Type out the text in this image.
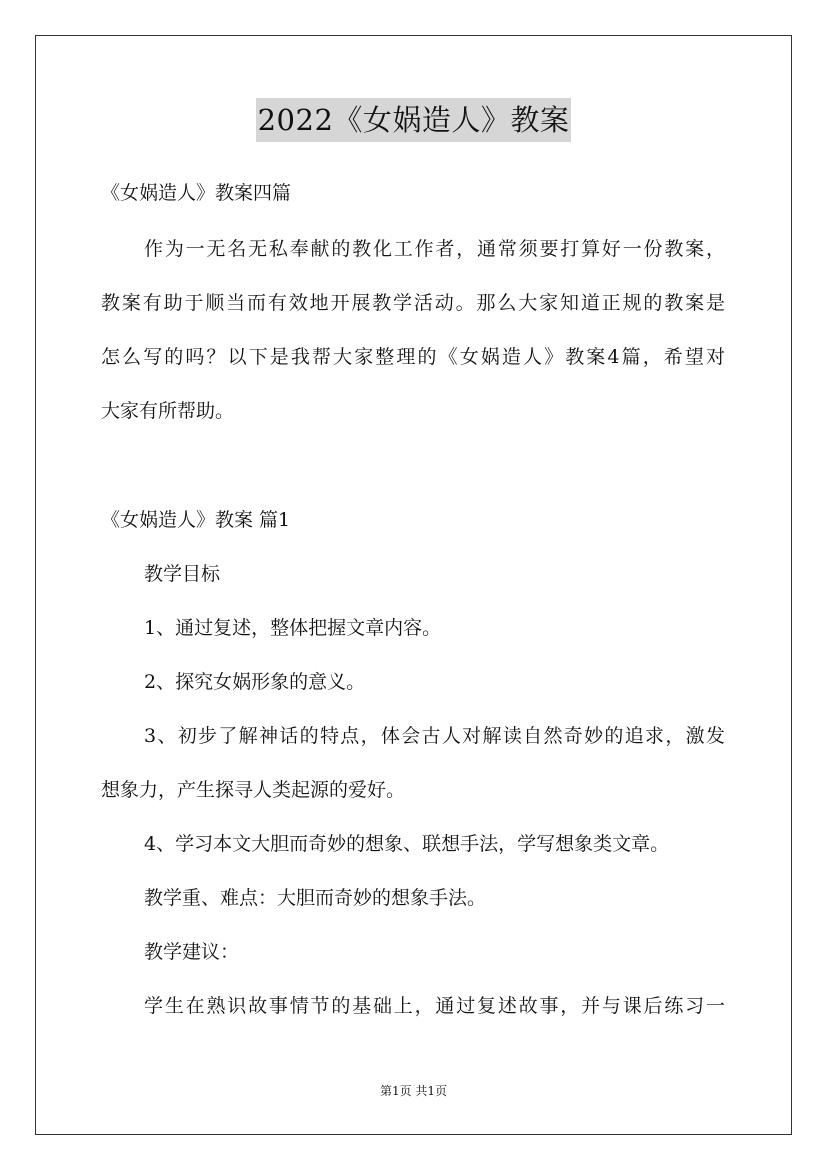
2022《女娲造人》教案
《女娲造人》教案四篇
作为一无名无私奉献的教化工作者，通常须要打算好一份教案，
教案有助于顺当而有效地开展教学活动。那么大家知道正规的教案是
怎么写的吗？以下是我帮大家整理的《女娲造人》教案4篇，希望对
大家有所帮助。
《女娲造人》教案 篇1
教学目标
1、通过复述，整体把握文章内容。
2、探究女娲形象的意义。
3、初步了解神话的特点，体会古人对解读自然奇妙的追求，激发
想象力，产生探寻人类起源的爱好。
4、学习本文大胆而奇妙的想象、联想手法，学写想象类文章。
教学重、难点：大胆而奇妙的想象手法。
教学建议：
学生在熟识故事情节的基础上，通过复述故事，并与课后练习一
第1页 共1页
